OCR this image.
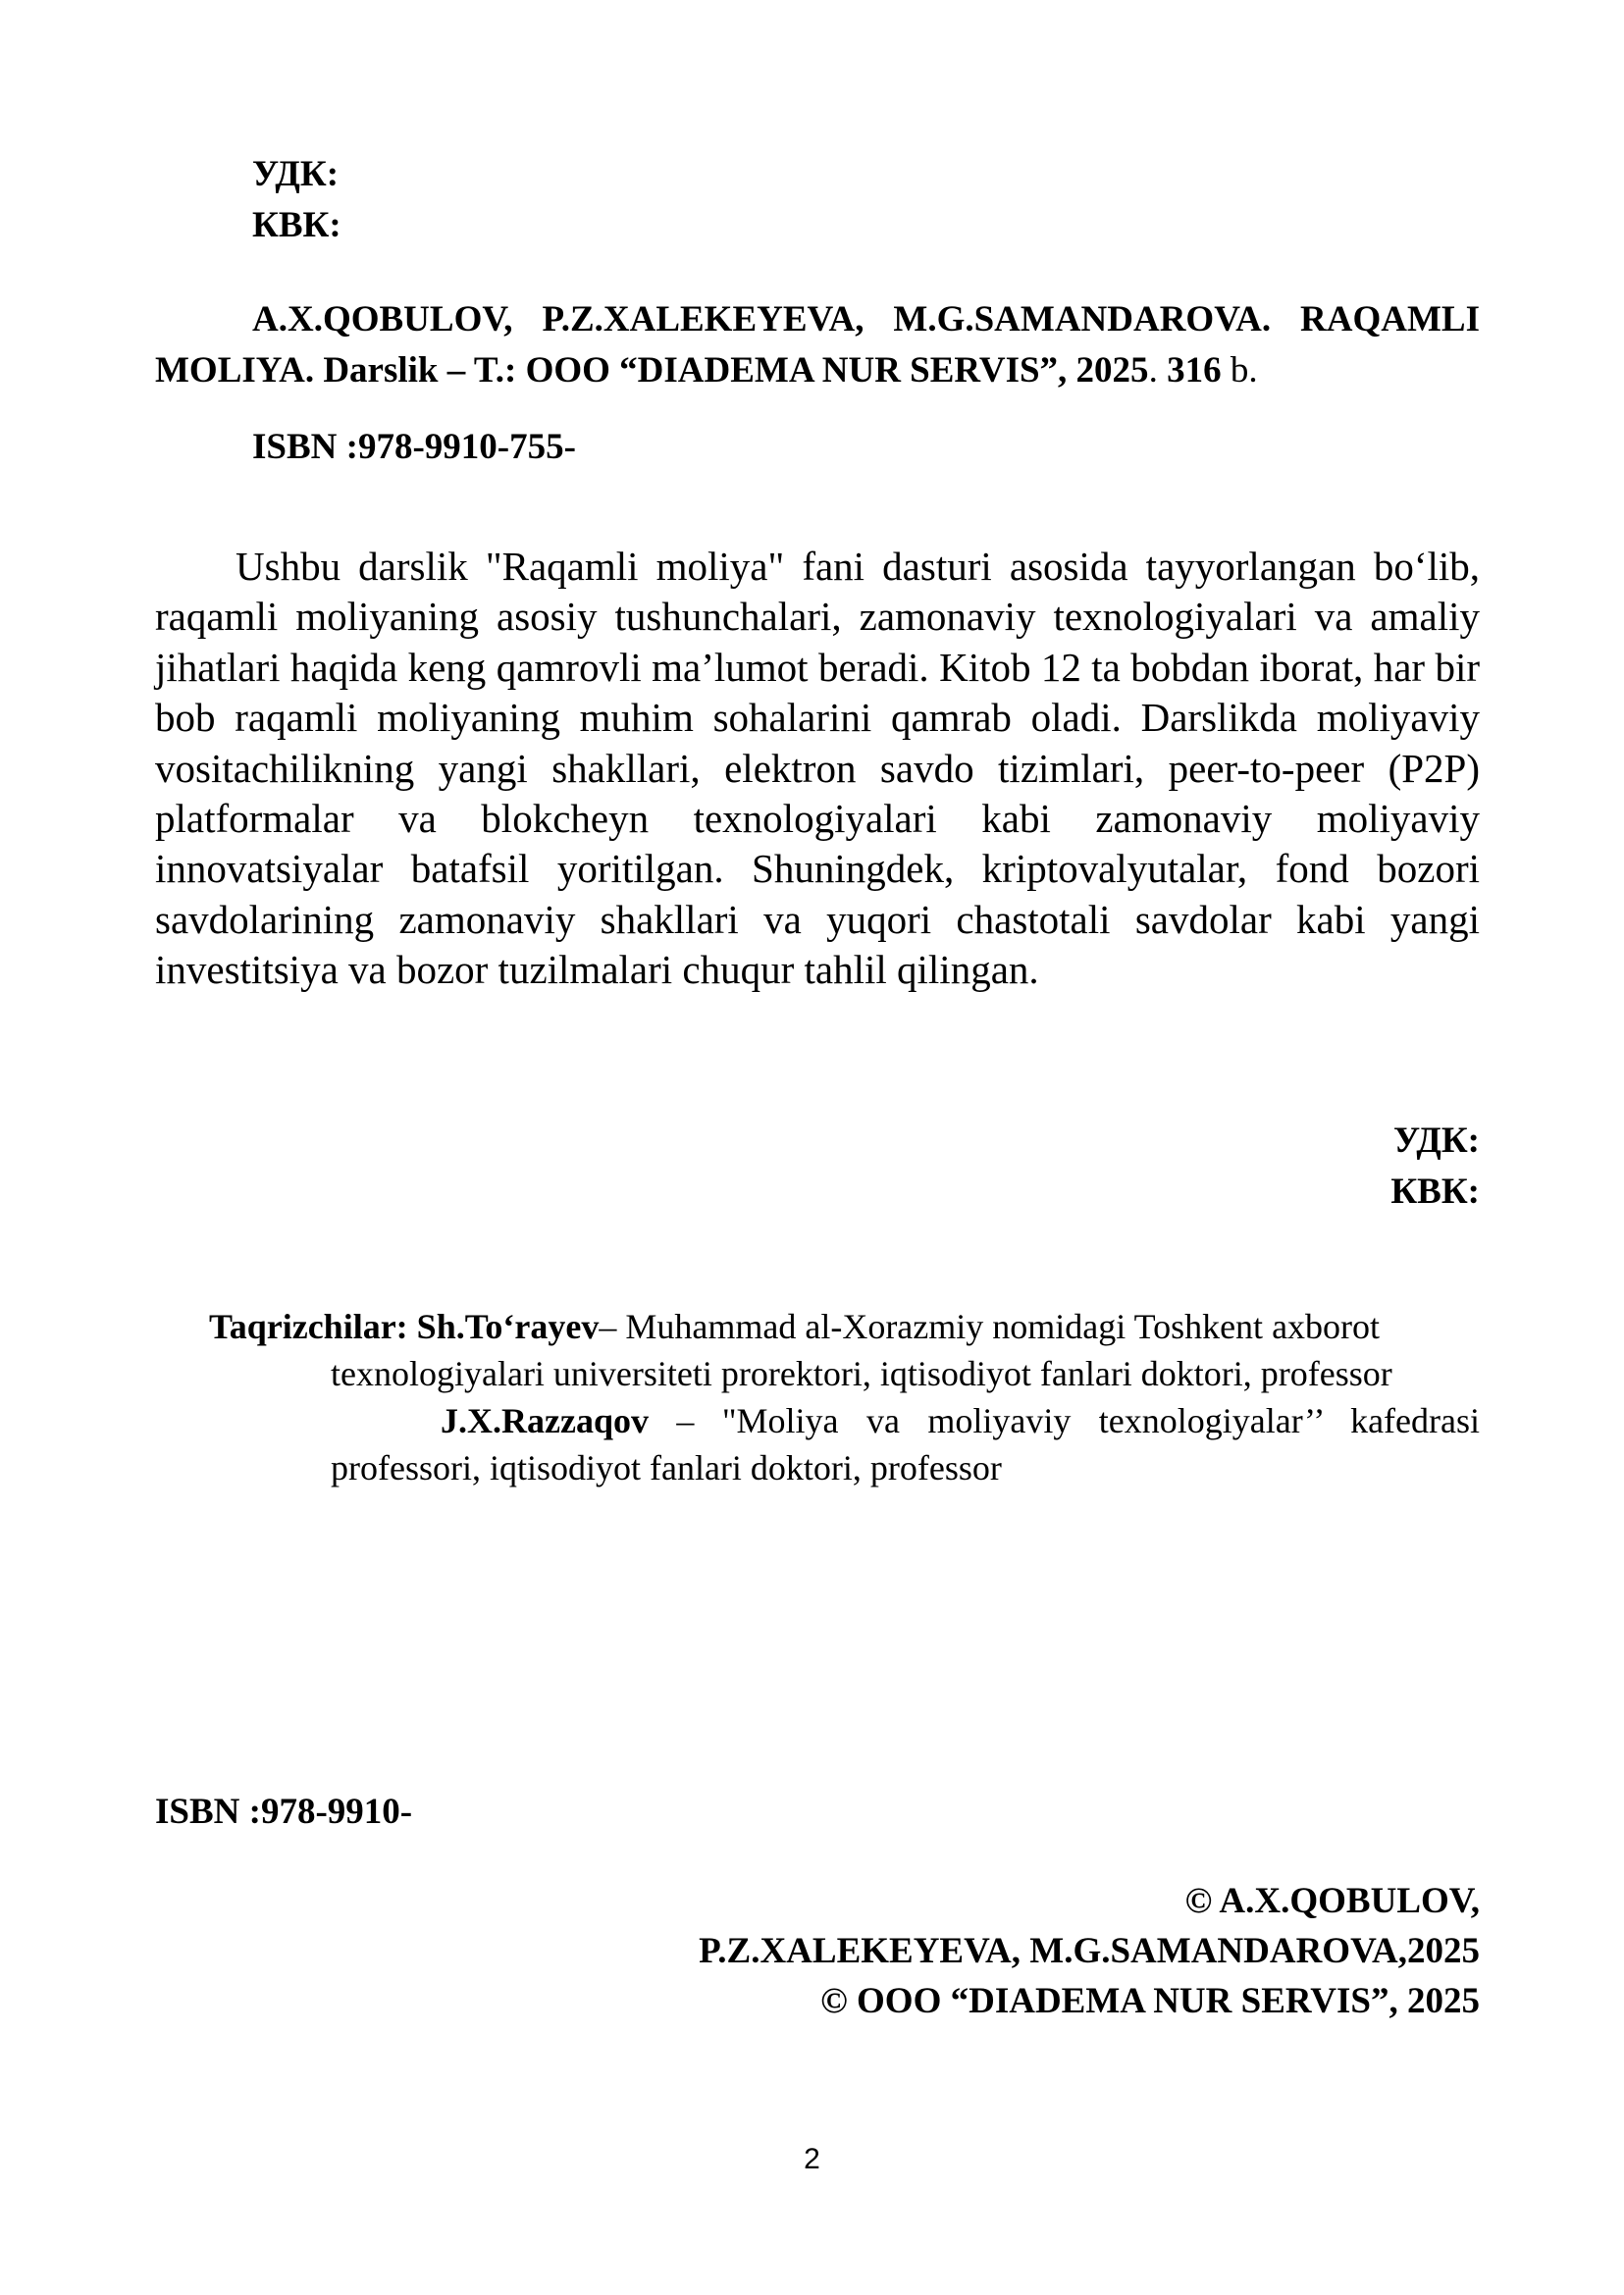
УДК:
КВК:
A.X.QOBULOV, P.Z.XALEKEYEVA, M.G.SAMANDAROVA. RAQAMLI MOLIYA. Darslik – T.: OOO “DIADEMA NUR SERVIS”, 2025. 316 b.
ISBN :978-9910-755-
Ushbu darslik "Raqamli moliya" fani dasturi asosida tayyorlangan bo‘lib, raqamli moliyaning asosiy tushunchalari, zamonaviy texnologiyalari va amaliy jihatlari haqida keng qamrovli ma’lumot beradi. Kitob 12 ta bobdan iborat, har bir bob raqamli moliyaning muhim sohalarini qamrab oladi. Darslikda moliyaviy vositachilikning yangi shakllari, elektron savdo tizimlari, peer-to-peer (P2P) platformalar va blokcheyn texnologiyalari kabi zamonaviy moliyaviy innovatsiyalar batafsil yoritilgan. Shuningdek, kriptovalyutalar, fond bozori savdolarining zamonaviy shakllari va yuqori chastotali savdolar kabi yangi investitsiya va bozor tuzilmalari chuqur tahlil qilingan.
УДК:
КВК:
Taqrizchilar: Sh.To‘rayev– Muhammad al-Xorazmiy nomidagi Toshkent axborot
texnologiyalari universiteti prorektori, iqtisodiyot fanlari doktori, professor
J.X.Razzaqov – "Moliya va moliyaviy texnologiyalar’’ kafedrasi professori, iqtisodiyot fanlari doktori, professor
ISBN :978-9910-
© A.X.QOBULOV,
P.Z.XALEKEYEVA, M.G.SAMANDAROVA,2025
© OOO “DIADEMA NUR SERVIS”, 2025
2
